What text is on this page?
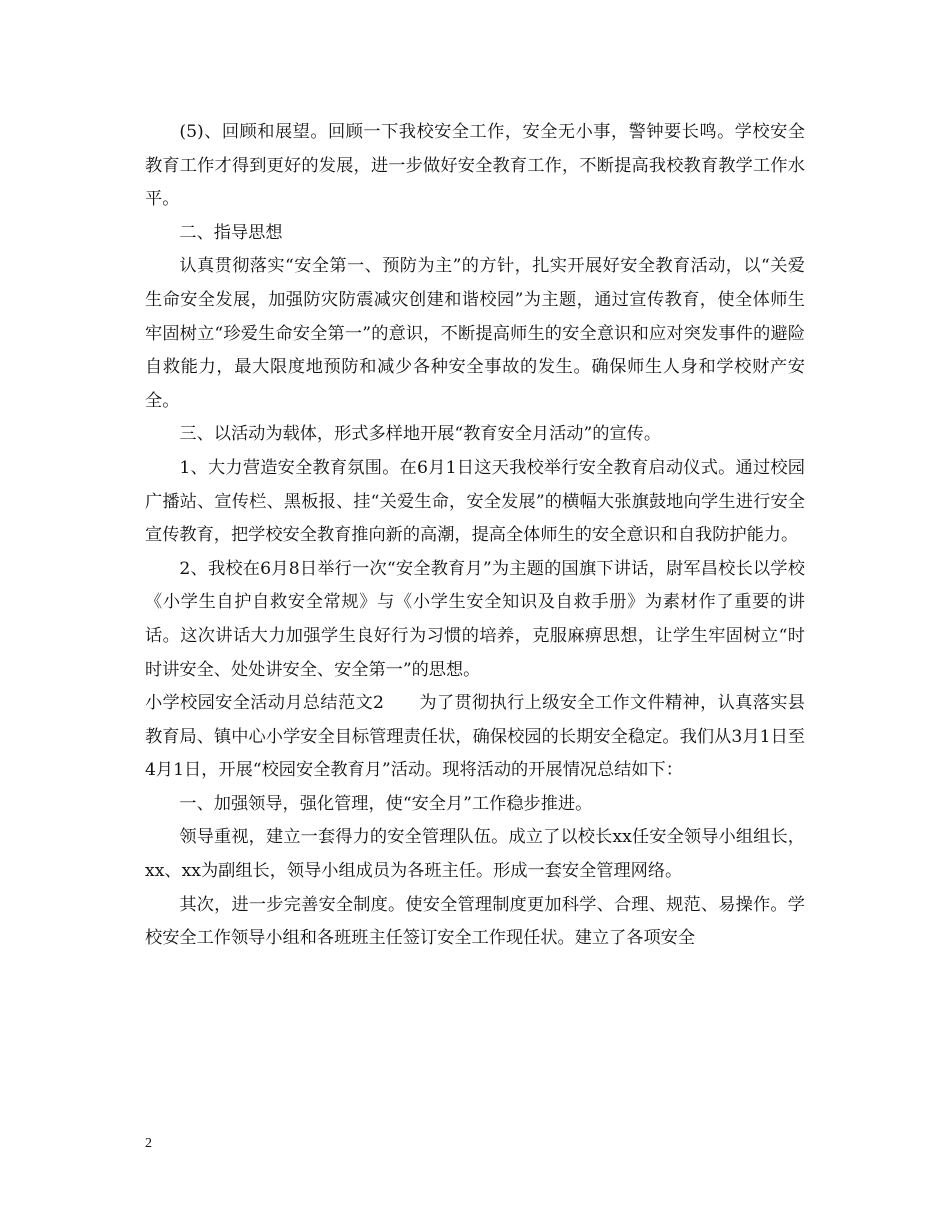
(5)、回顾和展望。回顾一下我校安全工作，安全无小事，警钟要长鸣。学校安全教育工作才得到更好的发展，进一步做好安全教育工作，不断提高我校教育教学工作水平。

二、指导思想

认真贯彻落实“安全第一、预防为主”的方针，扎实开展好安全教育活动，以“关爱生命安全发展，加强防灾防震减灾创建和谐校园”为主题，通过宣传教育，使全体师生牢固树立“珍爱生命安全第一”的意识，不断提高师生的安全意识和应对突发事件的避险自救能力，最大限度地预防和减少各种安全事故的发生。确保师生人身和学校财产安全。

三、以活动为载体，形式多样地开展“教育安全月活动”的宣传。

1、大力营造安全教育氛围。在6月1日这天我校举行安全教育启动仪式。通过校园广播站、宣传栏、黑板报、挂“关爱生命，安全发展”的横幅大张旗鼓地向学生进行安全宣传教育，把学校安全教育推向新的高潮，提高全体师生的安全意识和自我防护能力。

2、我校在6月8日举行一次“安全教育月”为主题的国旗下讲话，尉军昌校长以学校《小学生自护自救安全常规》与《小学生安全知识及自救手册》为素材作了重要的讲话。这次讲话大力加强学生良好行为习惯的培养，克服麻痹思想，让学生牢固树立“时时讲安全、处处讲安全、安全第一”的思想。

小学校园安全活动月总结范文2　　为了贯彻执行上级安全工作文件精神，认真落实县教育局、镇中心小学安全目标管理责任状，确保校园的长期安全稳定。我们从3月1日至4月1日，开展“校园安全教育月”活动。现将活动的开展情况总结如下：

一、加强领导，强化管理，使“安全月”工作稳步推进。

领导重视，建立一套得力的安全管理队伍。成立了以校长xx任安全领导小组组长，xx、xx为副组长，领导小组成员为各班主任。形成一套安全管理网络。

其次，进一步完善安全制度。使安全管理制度更加科学、合理、规范、易操作。学校安全工作领导小组和各班班主任签订安全工作现任状。建立了各项安全

2
